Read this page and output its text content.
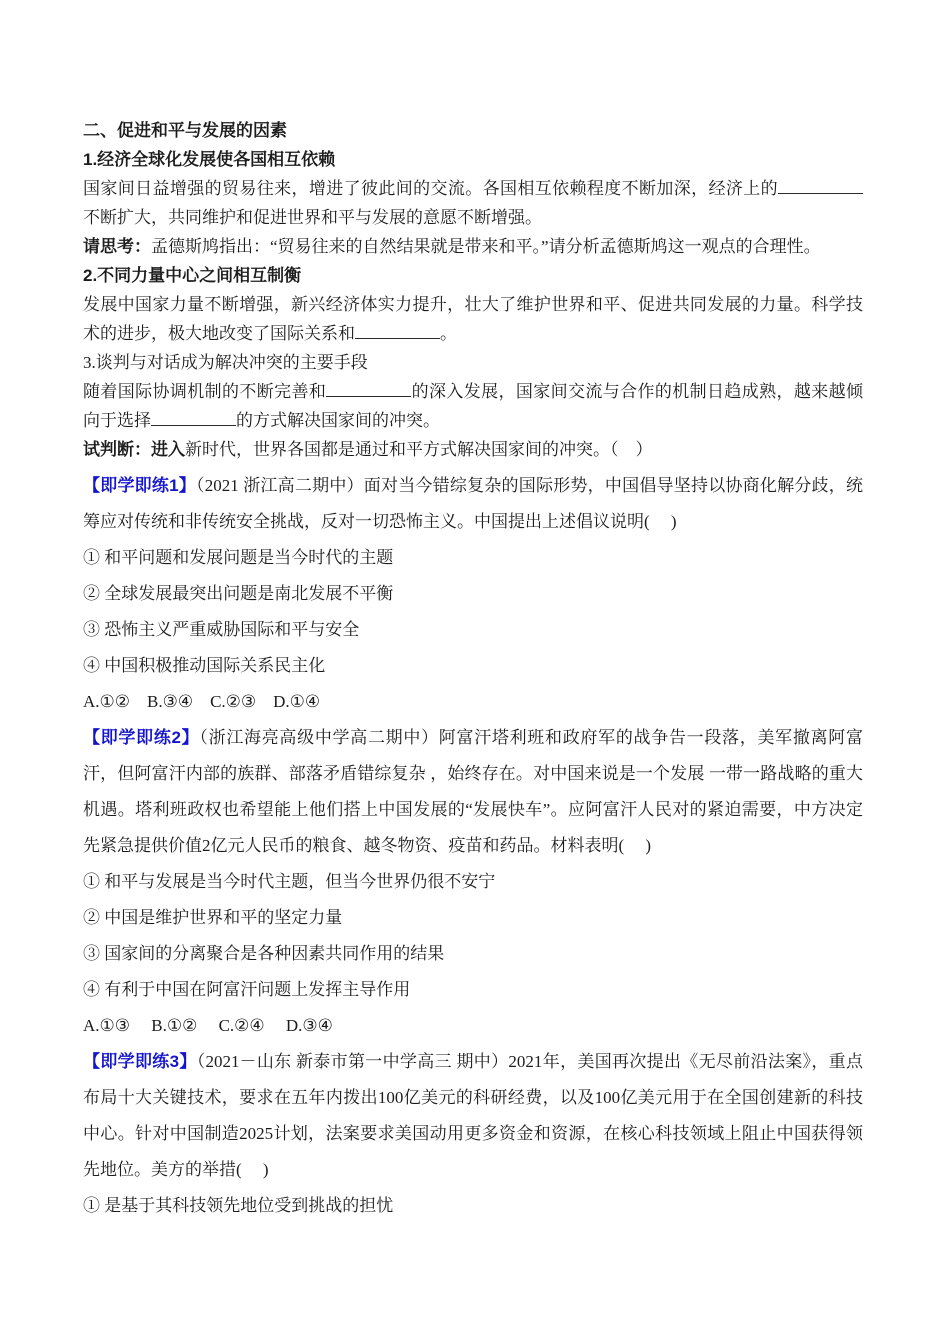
二、促进和平与发展的因素

1.经济全球化发展使各国相互依赖

国家间日益增强的贸易往来，增进了彼此间的交流。各国相互依赖程度不断加深，经济上的不断扩大，共同维护和促进世界和平与发展的意愿不断增强。

请思考：孟德斯鸠指出：“贸易往来的自然结果就是带来和平。”请分析孟德斯鸠这一观点的合理性。

2.不同力量中心之间相互制衡

发展中国家力量不断增强，新兴经济体实力提升，壮大了维护世界和平、促进共同发展的力量。科学技术的进步，极大地改变了国际关系和	。

3.谈判与对话成为解决冲突的主要手段

随着国际协调机制的不断完善和	的深入发展，国家间交流与合作的机制日趋成熟，越来越倾向于选择	的方式解决国家间的冲突。

试判断：进入新时代，世界各国都是通过和平方式解决国家间的冲突。（　）

【即学即练1】（2021 浙江高二期中）面对当今错综复杂的国际形势，中国倡导坚持以协商化解分歧，统筹应对传统和非传统安全挑战，反对一切恐怖主义。中国提出上述倡议说明(　 )

① 和平问题和发展问题是当今时代的主题

② 全球发展最突出问题是南北发展不平衡

③ 恐怖主义严重威胁国际和平与安全

④ 中国积极推动国际关系民主化

A.①②　B.③④　C.②③　D.①④

【即学即练2】（浙江海亮高级中学高二期中）阿富汗塔利班和政府军的战争告一段落，美军撤离阿富汗，但阿富汗内部的族群、部落矛盾错综复杂 ，始终存在。对中国来说是一个发展 一带一路战略的重大机遇。塔利班政权也希望能上他们搭上中国发展的“发展快车”。应阿富汗人民对的紧迫需要，中方决定先紧急提供价值2亿元人民币的粮食、越冬物资、疫苗和药品。材料表明(　 )

① 和平与发展是当今时代主题，但当今世界仍很不安宁

② 中国是维护世界和平的坚定力量

③ 国家间的分离聚合是各种因素共同作用的结果

④ 有利于中国在阿富汗问题上发挥主导作用

A.①③　 B.①②　 C.②④　 D.③④

【即学即练3】（2021－山东 新泰市第一中学高三 期中）2021年，美国再次提出《无尽前沿法案》，重点布局十大关键技术，要求在五年内拨出100亿美元的科研经费，以及100亿美元用于在全国创建新的科技中心。针对中国制造2025计划，法案要求美国动用更多资金和资源，在核心科技领域上阻止中国获得领先地位。美方的举措(　 )

① 是基于其科技领先地位受到挑战的担忧
